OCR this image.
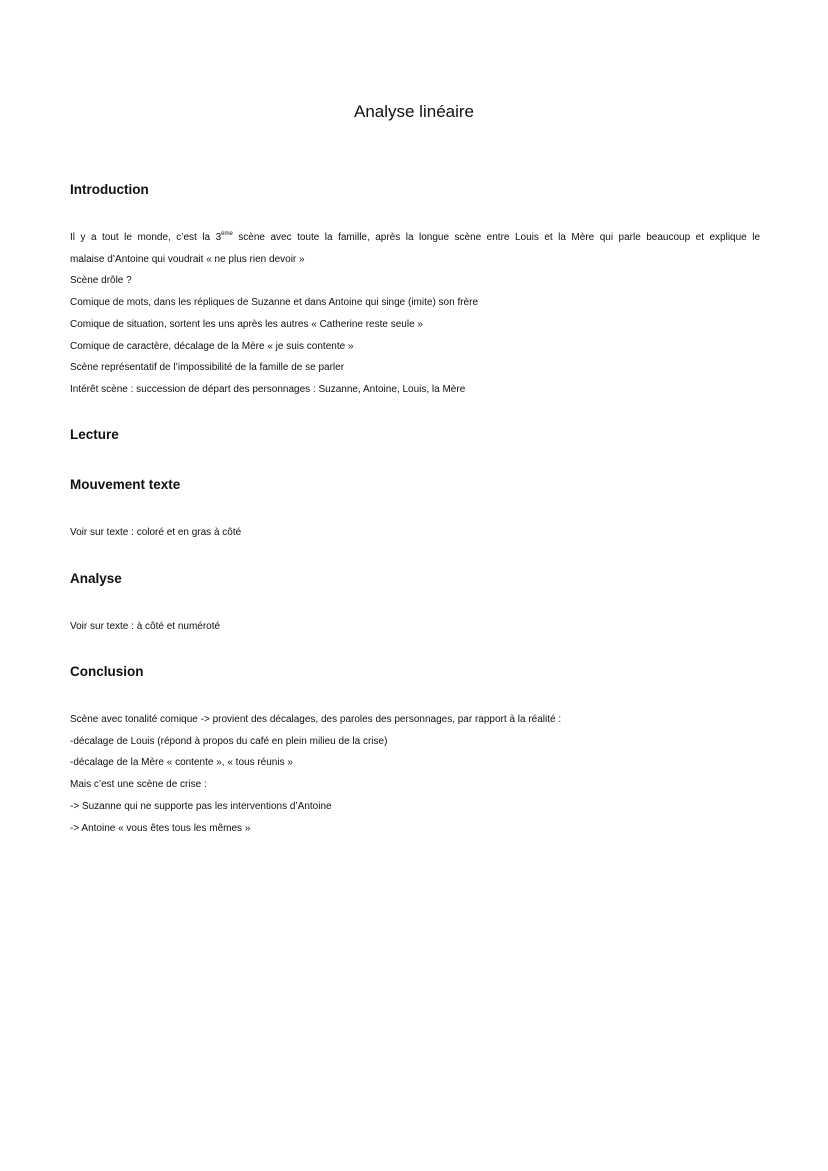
Analyse linéaire
Introduction
Il y a tout le monde, c’est la 3ème scène avec toute la famille, après la longue scène entre Louis et la Mère qui parle beaucoup et explique le
malaise d’Antoine qui voudrait « ne plus rien devoir »
Scène drôle ?
Comique de mots, dans les répliques de Suzanne et dans Antoine qui singe (imite) son frère
Comique de situation, sortent les uns après les autres « Catherine reste seule »
Comique de caractère, décalage de la Mère « je suis contente »
Scène représentatif de l’impossibilité de la famille de se parler
Intérêt scène : succession de départ des personnages : Suzanne, Antoine, Louis, la Mère
Lecture
Mouvement texte
Voir sur texte : coloré et en gras à côté
Analyse
Voir sur texte : à côté et numéroté
Conclusion
Scène avec tonalité comique -> provient des décalages, des paroles des personnages, par rapport à la réalité :
-décalage de Louis (répond à propos du café en plein milieu de la crise)
-décalage de la Mère « contente », « tous réunis »
Mais c’est une scène de crise :
-> Suzanne qui ne supporte pas les interventions d’Antoine
-> Antoine « vous êtes tous les mêmes »
